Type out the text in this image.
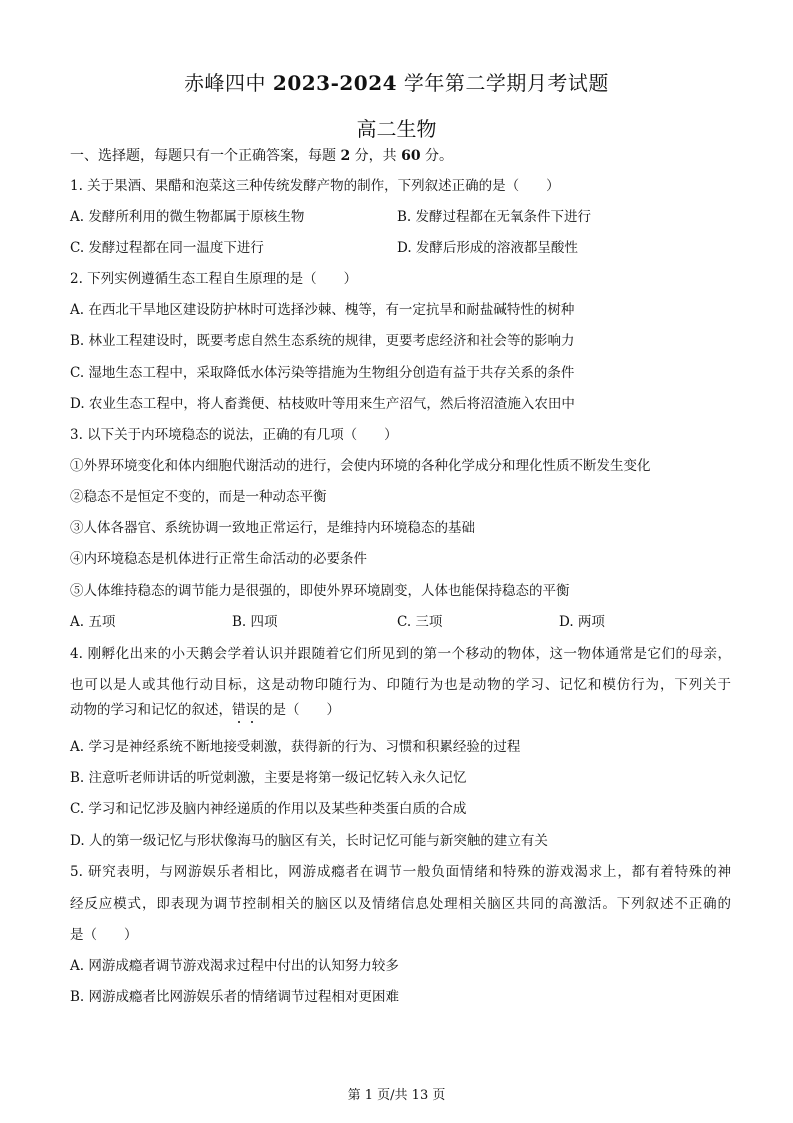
赤峰四中 2023-2024 学年第二学期月考试题
高二生物
一、选择题，每题只有一个正确答案，每题 2 分，共 60 分。
1. 关于果酒、果醋和泡菜这三种传统发酵产物的制作，下列叙述正确的是（　　）
A. 发酵所利用的微生物都属于原核生物	B. 发酵过程都在无氧条件下进行
C. 发酵过程都在同一温度下进行	D. 发酵后形成的溶液都呈酸性
2. 下列实例遵循生态工程自生原理的是（　　）
A. 在西北干旱地区建设防护林时可选择沙棘、槐等，有一定抗旱和耐盐碱特性的树种
B. 林业工程建设时，既要考虑自然生态系统的规律，更要考虑经济和社会等的影响力
C. 湿地生态工程中，采取降低水体污染等措施为生物组分创造有益于共存关系的条件
D. 农业生态工程中，将人畜粪便、枯枝败叶等用来生产沼气，然后将沼渣施入农田中
3. 以下关于内环境稳态的说法，正确的有几项（　　）
①外界环境变化和体内细胞代谢活动的进行，会使内环境的各种化学成分和理化性质不断发生变化
②稳态不是恒定不变的，而是一种动态平衡
③人体各器官、系统协调一致地正常运行，是维持内环境稳态的基础
④内环境稳态是机体进行正常生命活动的必要条件
⑤人体维持稳态的调节能力是很强的，即使外界环境剧变，人体也能保持稳态的平衡
A. 五项	B. 四项	C. 三项	D. 两项
4. 刚孵化出来的小天鹅会学着认识并跟随着它们所见到的第一个移动的物体，这一物体通常是它们的母亲，
也可以是人或其他行动目标，这是动物印随行为、印随行为也是动物的学习、记忆和模仿行为，下列关于
动物的学习和记忆的叙述，错误的是（　　）
A. 学习是神经系统不断地接受刺激，获得新的行为、习惯和积累经验的过程
B. 注意听老师讲话的听觉刺激，主要是将第一级记忆转入永久记忆
C. 学习和记忆涉及脑内神经递质的作用以及某些种类蛋白质的合成
D. 人的第一级记忆与形状像海马的脑区有关，长时记忆可能与新突触的建立有关
5. 研究表明，与网游娱乐者相比，网游成瘾者在调节一般负面情绪和特殊的游戏渴求上，都有着特殊的神
经反应模式，即表现为调节控制相关的脑区以及情绪信息处理相关脑区共同的高激活。下列叙述不正确的
是（　　）
A. 网游成瘾者调节游戏渴求过程中付出的认知努力较多
B. 网游成瘾者比网游娱乐者的情绪调节过程相对更困难
第 1 页/共 13 页
